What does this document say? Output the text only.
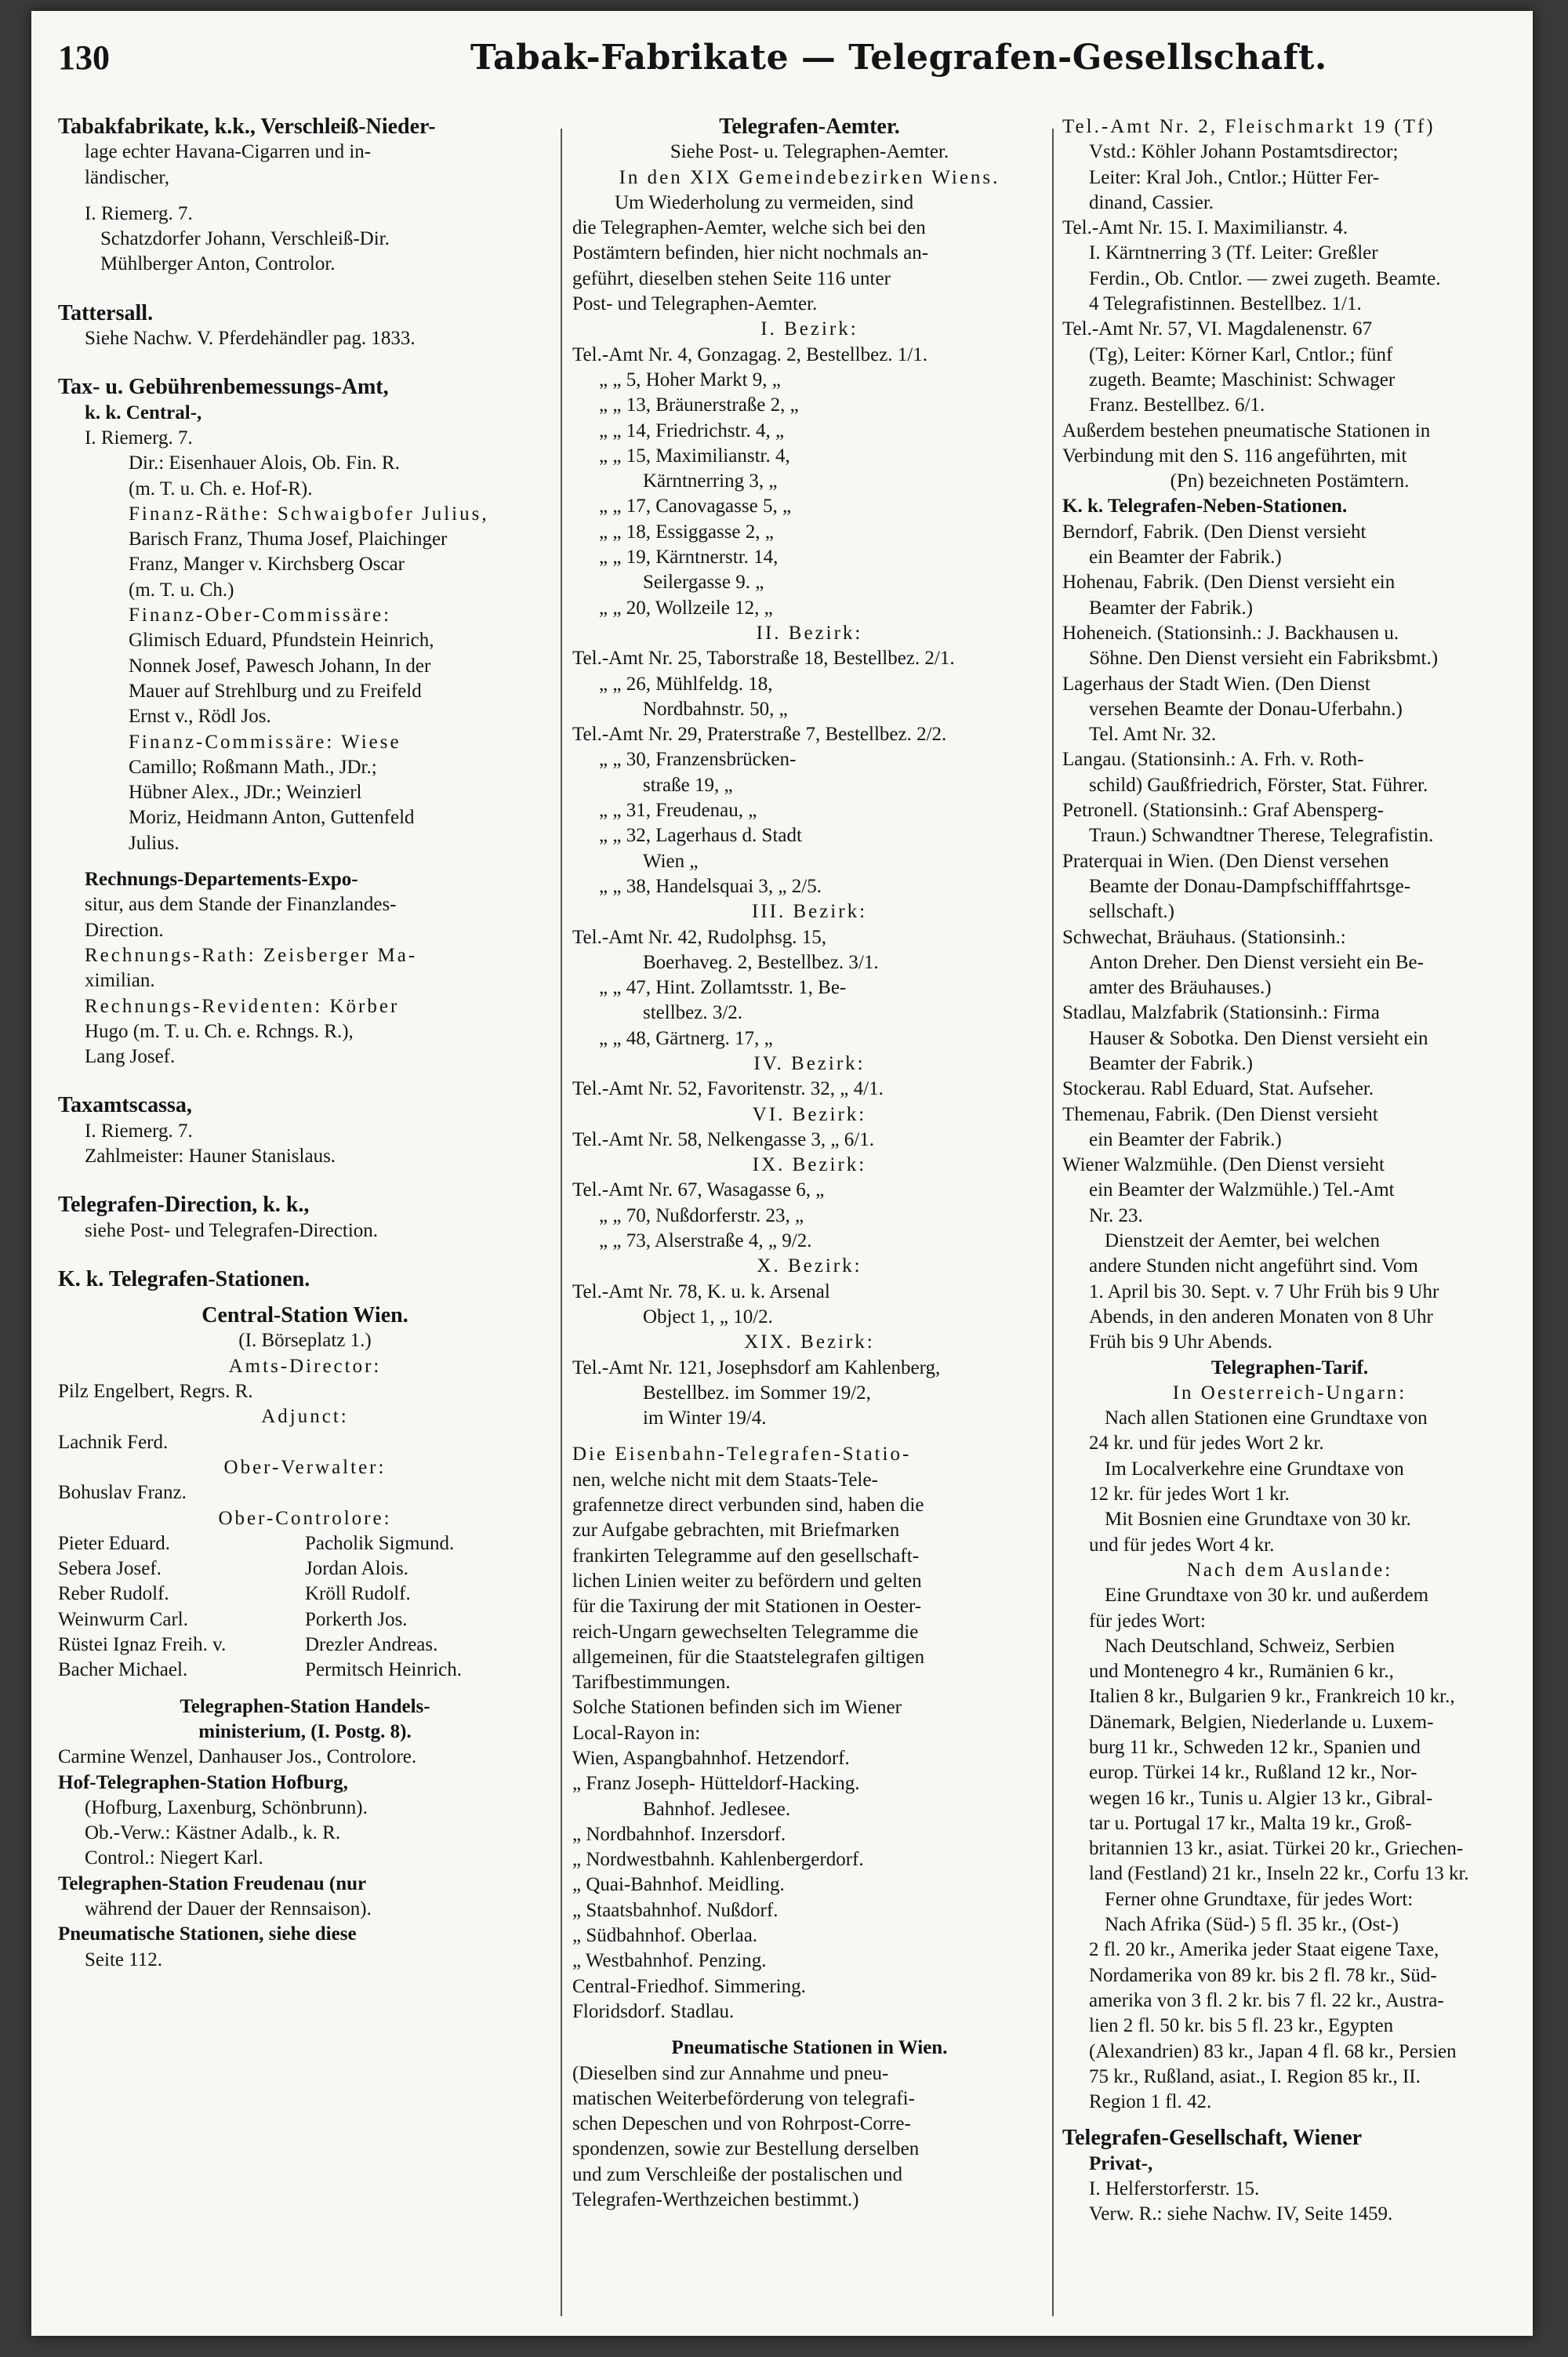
130	Tabak-Fabrikate — Telegrafen-Gesellschaft.
Tabakfabrikate, k.k., Verschleiß-Nieder-
lage echter Havana-Cigarren und in-
ländischer,
I. Riemerg. 7.
Schatzdorfer Johann, Verschleiß-Dir.
Mühlberger Anton, Controlor.
Tattersall.
Siehe Nachw. V. Pferdehändler pag. 1833.
Tax- u. Gebührenbemessungs-Amt,
k. k. Central-,
I. Riemerg. 7.
Dir.: Eisenhauer Alois, Ob. Fin. R.
(m. T. u. Ch. e. Hof-R).
Finanz-Räthe: Schwaigbofer Julius,
Barisch Franz, Thuma Josef, Plaichinger
Franz, Manger v. Kirchsberg Oscar
(m. T. u. Ch.)
Finanz-Ober-Commissäre:
Glimisch Eduard, Pfundstein Heinrich,
Nonnek Josef, Pawesch Johann, In der
Mauer auf Strehlburg und zu Freifeld
Ernst v., Rödl Jos.
Finanz-Commissäre: Wiese
Camillo; Roßmann Math., JDr.;
Hübner Alex., JDr.; Weinzierl
Moriz, Heidmann Anton, Guttenfeld
Julius.
Rechnungs-Departements-Expo-
situr, aus dem Stande der Finanzlandes-
Direction.
Rechnungs-Rath: Zeisberger Ma-
ximilian.
Rechnungs-Revidenten: Körber
Hugo (m. T. u. Ch. e. Rchngs. R.),
Lang Josef.
Taxamtscassa,
I. Riemerg. 7.
Zahlmeister: Hauner Stanislaus.
Telegrafen-Direction, k. k.,
siehe Post- und Telegrafen-Direction.
K. k. Telegrafen-Stationen.
Central-Station Wien.
(I. Börseplatz 1.)
Amts-Director:
Pilz Engelbert, Regrs. R.
Adjunct:
Lachnik Ferd.
Ober-Verwalter:
Bohuslav Franz.
Ober-Controlore:
Pieter Eduard.	Pacholik Sigmund.
Sebera Josef.	Jordan Alois.
Reber Rudolf.	Kröll Rudolf.
Weinwurm Carl.	Porkerth Jos.
Rüstei Ignaz Freih. v.	Drezler Andreas.
Bacher Michael.	Permitsch Heinrich.
Telegraphen-Station Handels-
ministerium, (I. Postg. 8).
Carmine Wenzel, Danhauser Jos., Controlore.
Hof-Telegraphen-Station Hofburg,
(Hofburg, Laxenburg, Schönbrunn).
Ob.-Verw.: Kästner Adalb., k. R.
Control.: Niegert Karl.
Telegraphen-Station Freudenau (nur
während der Dauer der Rennsaison).
Pneumatische Stationen, siehe diese
Seite 112.
Telegrafen-Aemter.
Siehe Post- u. Telegraphen-Aemter.
In den XIX Gemeindebezirken Wiens.
Um Wiederholung zu vermeiden, sind
die Telegraphen-Aemter, welche sich bei den
Postämtern befinden, hier nicht nochmals an-
geführt, dieselben stehen Seite 116 unter
Post- und Telegraphen-Aemter.
I. Bezirk:
Tel.-Amt Nr. 4, Gonzagag. 2, Bestellbez. 1/1.
„ „ 5, Hoher Markt 9, „
„ „ 13, Bräunerstraße 2, „
„ „ 14, Friedrichstr. 4, „
„ „ 15, Maximilianstr. 4,
Kärntnerring 3, „
„ „ 17, Canovagasse 5, „
„ „ 18, Essiggasse 2, „
„ „ 19, Kärntnerstr. 14,
Seilergasse 9. „
„ „ 20, Wollzeile 12, „
II. Bezirk:
Tel.-Amt Nr. 25, Taborstraße 18, Bestellbez. 2/1.
„ „ 26, Mühlfeldg. 18,
Nordbahnstr. 50, „
Tel.-Amt Nr. 29, Praterstraße 7, Bestellbez. 2/2.
„ „ 30, Franzensbrücken-
straße 19, „
„ „ 31, Freudenau, „
„ „ 32, Lagerhaus d. Stadt
Wien „
„ „ 38, Handelsquai 3, „ 2/5.
III. Bezirk:
Tel.-Amt Nr. 42, Rudolphsg. 15,
Boerhaveg. 2, Bestellbez. 3/1.
„ „ 47, Hint. Zollamtsstr. 1, Be-
stellbez. 3/2.
„ „ 48, Gärtnerg. 17, „
IV. Bezirk:
Tel.-Amt Nr. 52, Favoritenstr. 32, „ 4/1.
VI. Bezirk:
Tel.-Amt Nr. 58, Nelkengasse 3, „ 6/1.
IX. Bezirk:
Tel.-Amt Nr. 67, Wasagasse 6, „
„ „ 70, Nußdorferstr. 23, „
„ „ 73, Alserstraße 4, „ 9/2.
X. Bezirk:
Tel.-Amt Nr. 78, K. u. k. Arsenal
Object 1, „ 10/2.
XIX. Bezirk:
Tel.-Amt Nr. 121, Josephsdorf am Kahlenberg,
Bestellbez. im Sommer 19/2,
im Winter 19/4.
Die Eisenbahn-Telegrafen-Statio-
nen, welche nicht mit dem Staats-Tele-
grafennetze direct verbunden sind, haben die
zur Aufgabe gebrachten, mit Briefmarken
frankirten Telegramme auf den gesellschaft-
lichen Linien weiter zu befördern und gelten
für die Taxirung der mit Stationen in Oester-
reich-Ungarn gewechselten Telegramme die
allgemeinen, für die Staatstelegrafen giltigen
Tarifbestimmungen.
Solche Stationen befinden sich im Wiener
Local-Rayon in:
Wien, Aspangbahnhof. Hetzendorf.
„ Franz Joseph- Hütteldorf-Hacking.
Bahnhof. Jedlesee.
„ Nordbahnhof. Inzersdorf.
„ Nordwestbahnh. Kahlenbergerdorf.
„ Quai-Bahnhof. Meidling.
„ Staatsbahnhof. Nußdorf.
„ Südbahnhof. Oberlaa.
„ Westbahnhof. Penzing.
Central-Friedhof. Simmering.
Floridsdorf. Stadlau.
Pneumatische Stationen in Wien.
(Dieselben sind zur Annahme und pneu-
matischen Weiterbeförderung von telegrafi-
schen Depeschen und von Rohrpost-Corre-
spondenzen, sowie zur Bestellung derselben
und zum Verschleiße der postalischen und
Telegrafen-Werthzeichen bestimmt.)
Tel.-Amt Nr. 2, Fleischmarkt 19 (Tf)
Vstd.: Köhler Johann Postamtsdirector;
Leiter: Kral Joh., Cntlor.; Hütter Fer-
dinand, Cassier.
Tel.-Amt Nr. 15. I. Maximilianstr. 4.
I. Kärntnerring 3 (Tf. Leiter: Greßler
Ferdin., Ob. Cntlor. — zwei zugeth. Beamte.
4 Telegrafistinnen. Bestellbez. 1/1.
Tel.-Amt Nr. 57, VI. Magdalenenstr. 67
(Tg), Leiter: Körner Karl, Cntlor.; fünf
zugeth. Beamte; Maschinist: Schwager
Franz. Bestellbez. 6/1.
Außerdem bestehen pneumatische Stationen in
Verbindung mit den S. 116 angeführten, mit
(Pn) bezeichneten Postämtern.
K. k. Telegrafen-Neben-Stationen.
Berndorf, Fabrik. (Den Dienst versieht
ein Beamter der Fabrik.)
Hohenau, Fabrik. (Den Dienst versieht ein
Beamter der Fabrik.)
Hoheneich. (Stationsinh.: J. Backhausen u.
Söhne. Den Dienst versieht ein Fabriksbmt.)
Lagerhaus der Stadt Wien. (Den Dienst
versehen Beamte der Donau-Uferbahn.)
Tel. Amt Nr. 32.
Langau. (Stationsinh.: A. Frh. v. Roth-
schild) Gaußfriedrich, Förster, Stat. Führer.
Petronell. (Stationsinh.: Graf Abensperg-
Traun.) Schwandtner Therese, Telegrafistin.
Praterquai in Wien. (Den Dienst versehen
Beamte der Donau-Dampfschifffahrtsge-
sellschaft.)
Schwechat, Bräuhaus. (Stationsinh.:
Anton Dreher. Den Dienst versieht ein Be-
amter des Bräuhauses.)
Stadlau, Malzfabrik (Stationsinh.: Firma
Hauser & Sobotka. Den Dienst versieht ein
Beamter der Fabrik.)
Stockerau. Rabl Eduard, Stat. Aufseher.
Themenau, Fabrik. (Den Dienst versieht
ein Beamter der Fabrik.)
Wiener Walzmühle. (Den Dienst versieht
ein Beamter der Walzmühle.) Tel.-Amt
Nr. 23.
Dienstzeit der Aemter, bei welchen
andere Stunden nicht angeführt sind. Vom
1. April bis 30. Sept. v. 7 Uhr Früh bis 9 Uhr
Abends, in den anderen Monaten von 8 Uhr
Früh bis 9 Uhr Abends.
Telegraphen-Tarif.
In Oesterreich-Ungarn:
Nach allen Stationen eine Grundtaxe von
24 kr. und für jedes Wort 2 kr.
Im Localverkehre eine Grundtaxe von
12 kr. für jedes Wort 1 kr.
Mit Bosnien eine Grundtaxe von 30 kr.
und für jedes Wort 4 kr.
Nach dem Auslande:
Eine Grundtaxe von 30 kr. und außerdem
für jedes Wort:
Nach Deutschland, Schweiz, Serbien
und Montenegro 4 kr., Rumänien 6 kr.,
Italien 8 kr., Bulgarien 9 kr., Frankreich 10 kr.,
Dänemark, Belgien, Niederlande u. Luxem-
burg 11 kr., Schweden 12 kr., Spanien und
europ. Türkei 14 kr., Rußland 12 kr., Nor-
wegen 16 kr., Tunis u. Algier 13 kr., Gibral-
tar u. Portugal 17 kr., Malta 19 kr., Groß-
britannien 13 kr., asiat. Türkei 20 kr., Griechen-
land (Festland) 21 kr., Inseln 22 kr., Corfu 13 kr.
Ferner ohne Grundtaxe, für jedes Wort:
Nach Afrika (Süd-) 5 fl. 35 kr., (Ost-)
2 fl. 20 kr., Amerika jeder Staat eigene Taxe,
Nordamerika von 89 kr. bis 2 fl. 78 kr., Süd-
amerika von 3 fl. 2 kr. bis 7 fl. 22 kr., Austra-
lien 2 fl. 50 kr. bis 5 fl. 23 kr., Egypten
(Alexandrien) 83 kr., Japan 4 fl. 68 kr., Persien
75 kr., Rußland, asiat., I. Region 85 kr., II.
Region 1 fl. 42.
Telegrafen-Gesellschaft, Wiener
Privat-,
I. Helferstorferstr. 15.
Verw. R.: siehe Nachw. IV, Seite 1459.
